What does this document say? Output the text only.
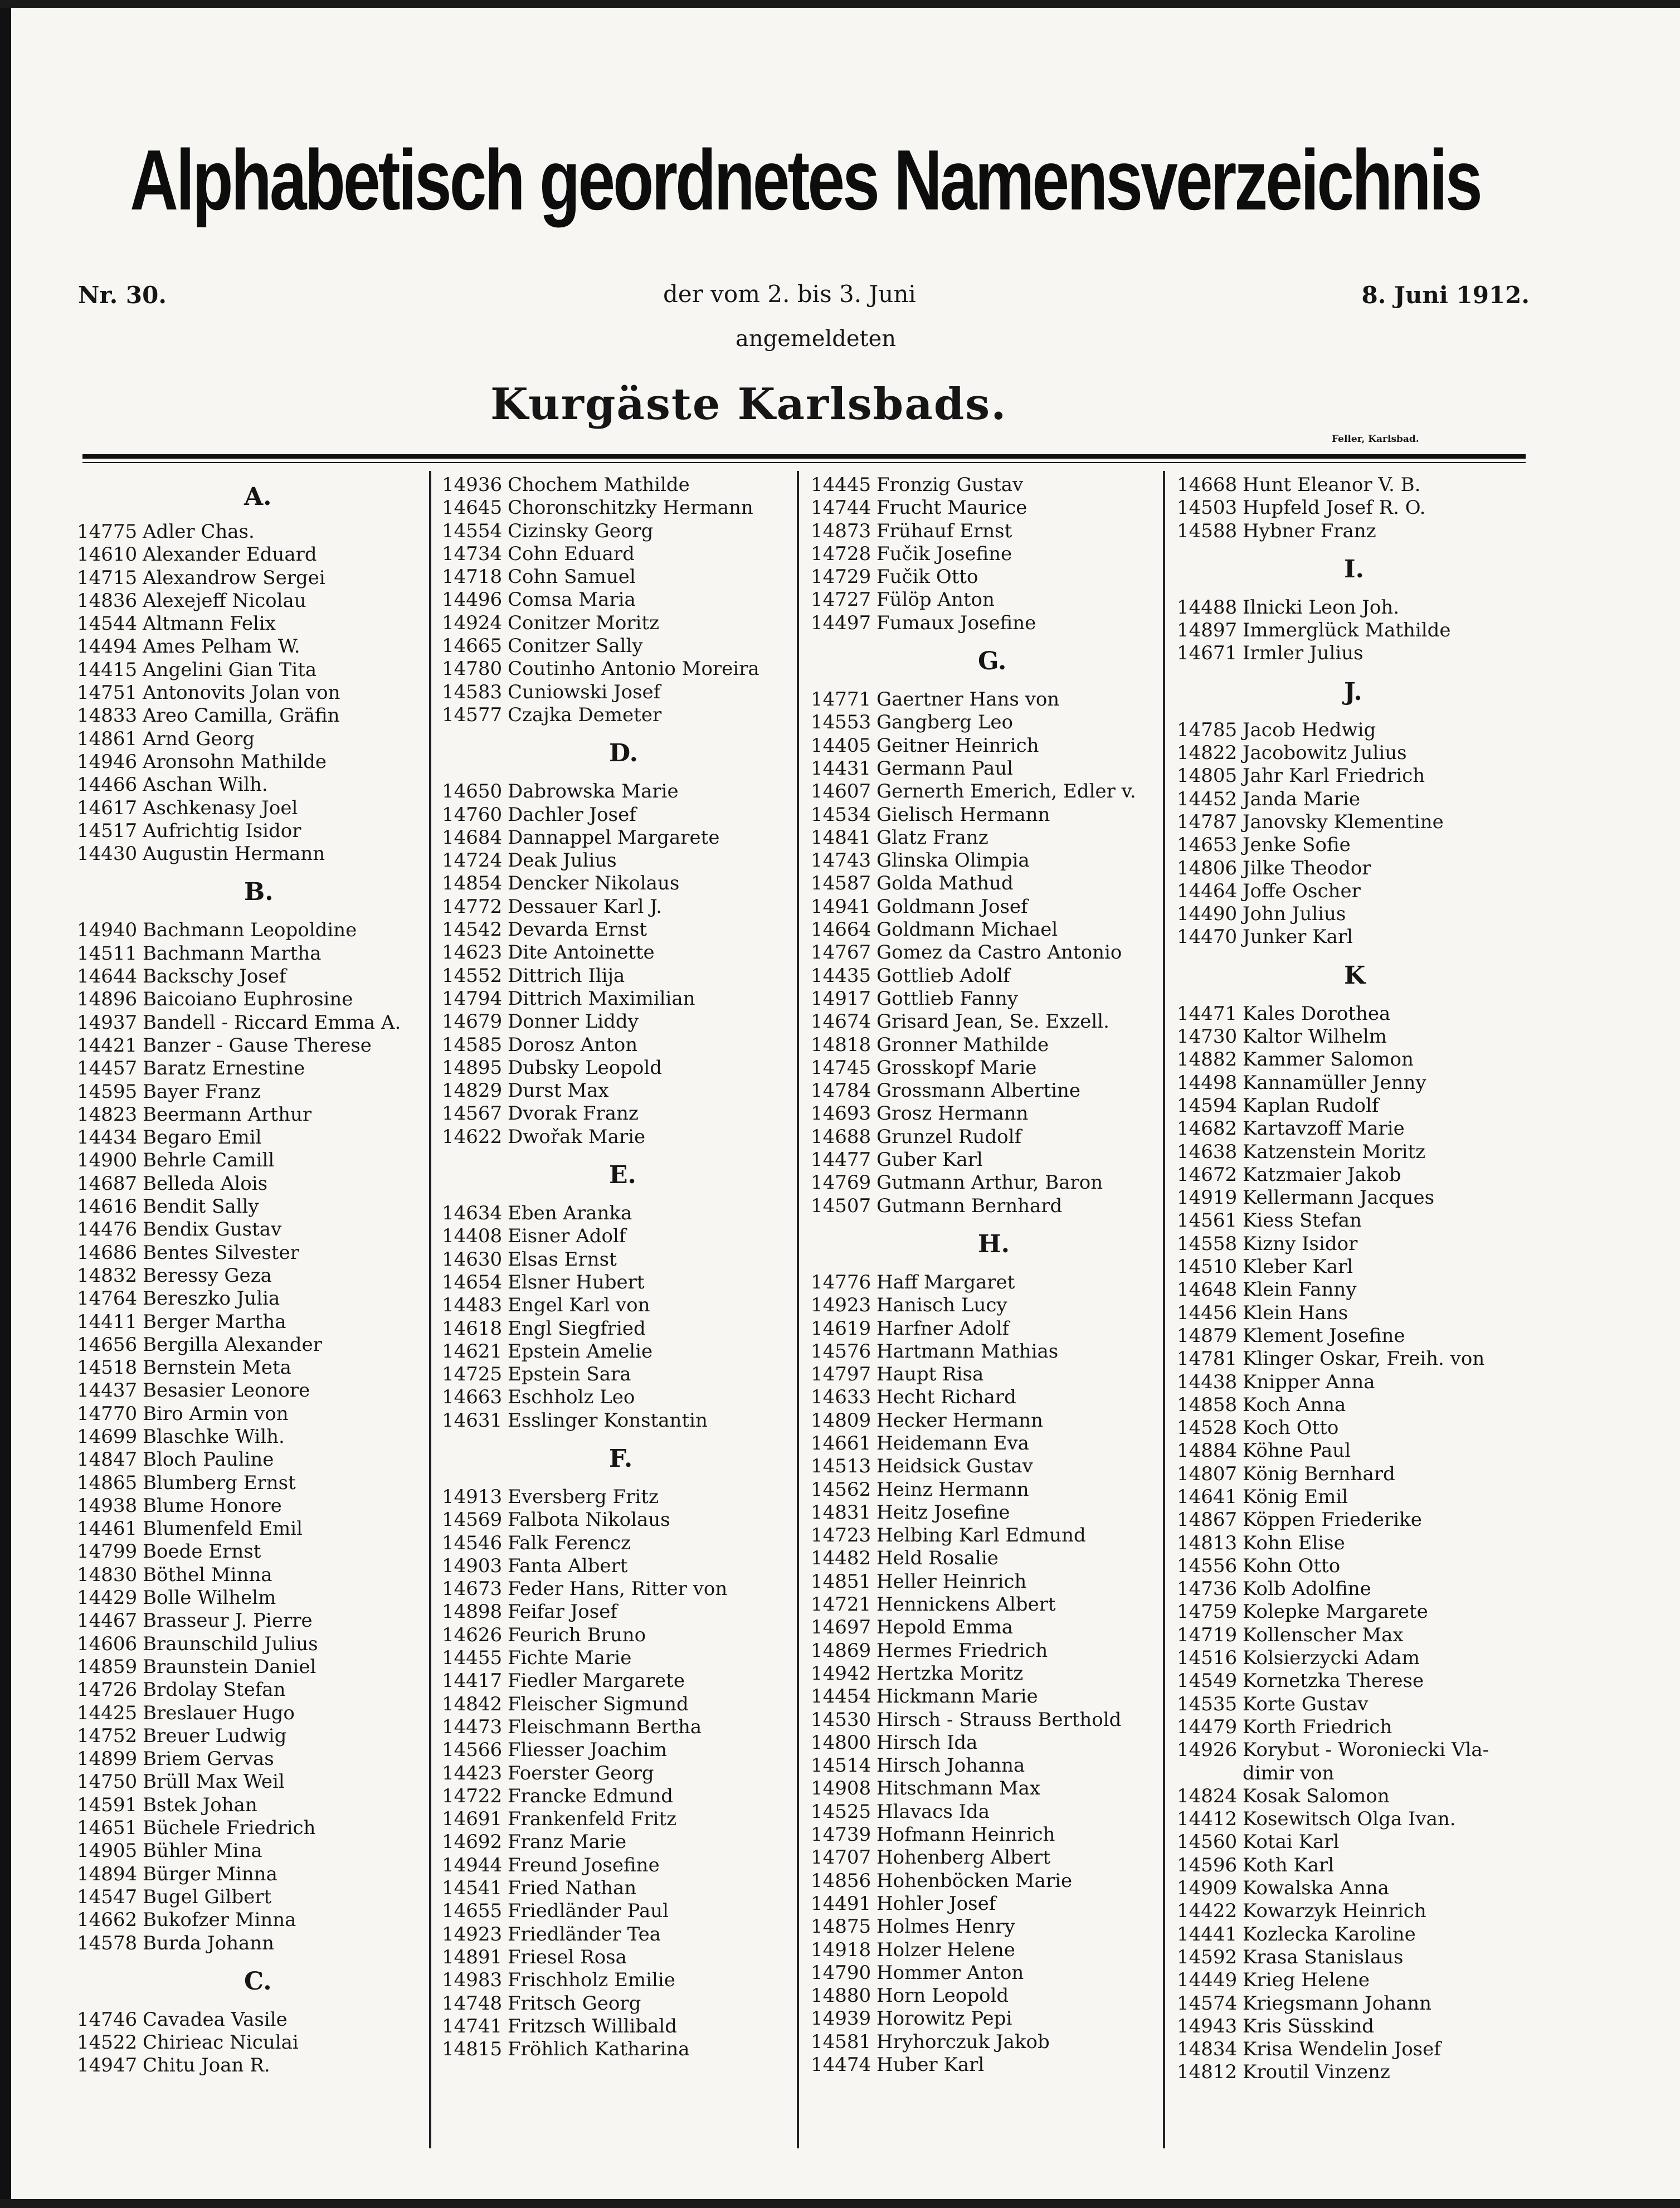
Alphabetisch geordnetes Namensverzeichnis
Nr. 30.	der vom 2. bis 3. Juni	8. Juni 1912.
angemeldeten
Kurgäste Karlsbads.
Feller, Karlsbad.
A.
14775 Adler Chas.
14610 Alexander Eduard
14715 Alexandrow Sergei
14836 Alexejeff Nicolau
14544 Altmann Felix
14494 Ames Pelham W.
14415 Angelini Gian Tita
14751 Antonovits Jolan von
14833 Areo Camilla, Gräfin
14861 Arnd Georg
14946 Aronsohn Mathilde
14466 Aschan Wilh.
14617 Aschkenasy Joel
14517 Aufrichtig Isidor
14430 Augustin Hermann
B.
14940 Bachmann Leopoldine
14511 Bachmann Martha
14644 Backschy Josef
14896 Baicoiano Euphrosine
14937 Bandell - Riccard Emma A.
14421 Banzer - Gause Therese
14457 Baratz Ernestine
14595 Bayer Franz
14823 Beermann Arthur
14434 Begaro Emil
14900 Behrle Camill
14687 Belleda Alois
14616 Bendit Sally
14476 Bendix Gustav
14686 Bentes Silvester
14832 Beressy Geza
14764 Bereszko Julia
14411 Berger Martha
14656 Bergilla Alexander
14518 Bernstein Meta
14437 Besasier Leonore
14770 Biro Armin von
14699 Blaschke Wilh.
14847 Bloch Pauline
14865 Blumberg Ernst
14938 Blume Honore
14461 Blumenfeld Emil
14799 Boede Ernst
14830 Böthel Minna
14429 Bolle Wilhelm
14467 Brasseur J. Pierre
14606 Braunschild Julius
14859 Braunstein Daniel
14726 Brdolay Stefan
14425 Breslauer Hugo
14752 Breuer Ludwig
14899 Briem Gervas
14750 Brüll Max Weil
14591 Bstek Johan
14651 Büchele Friedrich
14905 Bühler Mina
14894 Bürger Minna
14547 Bugel Gilbert
14662 Bukofzer Minna
14578 Burda Johann
C.
14746 Cavadea Vasile
14522 Chirieac Niculai
14947 Chitu Joan R.
14936 Chochem Mathilde
14645 Choronschitzky Hermann
14554 Cizinsky Georg
14734 Cohn Eduard
14718 Cohn Samuel
14496 Comsa Maria
14924 Conitzer Moritz
14665 Conitzer Sally
14780 Coutinho Antonio Moreira
14583 Cuniowski Josef
14577 Czajka Demeter
D.
14650 Dabrowska Marie
14760 Dachler Josef
14684 Dannappel Margarete
14724 Deak Julius
14854 Dencker Nikolaus
14772 Dessauer Karl J.
14542 Devarda Ernst
14623 Dite Antoinette
14552 Dittrich Ilija
14794 Dittrich Maximilian
14679 Donner Liddy
14585 Dorosz Anton
14895 Dubsky Leopold
14829 Durst Max
14567 Dvorak Franz
14622 Dwořak Marie
E.
14634 Eben Aranka
14408 Eisner Adolf
14630 Elsas Ernst
14654 Elsner Hubert
14483 Engel Karl von
14618 Engl Siegfried
14621 Epstein Amelie
14725 Epstein Sara
14663 Eschholz Leo
14631 Esslinger Konstantin
F.
14913 Eversberg Fritz
14569 Falbota Nikolaus
14546 Falk Ferencz
14903 Fanta Albert
14673 Feder Hans, Ritter von
14898 Feifar Josef
14626 Feurich Bruno
14455 Fichte Marie
14417 Fiedler Margarete
14842 Fleischer Sigmund
14473 Fleischmann Bertha
14566 Fliesser Joachim
14423 Foerster Georg
14722 Francke Edmund
14691 Frankenfeld Fritz
14692 Franz Marie
14944 Freund Josefine
14541 Fried Nathan
14655 Friedländer Paul
14923 Friedländer Tea
14891 Friesel Rosa
14983 Frischholz Emilie
14748 Fritsch Georg
14741 Fritzsch Willibald
14815 Fröhlich Katharina
14445 Fronzig Gustav
14744 Frucht Maurice
14873 Frühauf Ernst
14728 Fučik Josefine
14729 Fučik Otto
14727 Fülöp Anton
14497 Fumaux Josefine
G.
14771 Gaertner Hans von
14553 Gangberg Leo
14405 Geitner Heinrich
14431 Germann Paul
14607 Gernerth Emerich, Edler v.
14534 Gielisch Hermann
14841 Glatz Franz
14743 Glinska Olimpia
14587 Golda Mathud
14941 Goldmann Josef
14664 Goldmann Michael
14767 Gomez da Castro Antonio
14435 Gottlieb Adolf
14917 Gottlieb Fanny
14674 Grisard Jean, Se. Exzell.
14818 Gronner Mathilde
14745 Grosskopf Marie
14784 Grossmann Albertine
14693 Grosz Hermann
14688 Grunzel Rudolf
14477 Guber Karl
14769 Gutmann Arthur, Baron
14507 Gutmann Bernhard
H.
14776 Haff Margaret
14923 Hanisch Lucy
14619 Harfner Adolf
14576 Hartmann Mathias
14797 Haupt Risa
14633 Hecht Richard
14809 Hecker Hermann
14661 Heidemann Eva
14513 Heidsick Gustav
14562 Heinz Hermann
14831 Heitz Josefine
14723 Helbing Karl Edmund
14482 Held Rosalie
14851 Heller Heinrich
14721 Hennickens Albert
14697 Hepold Emma
14869 Hermes Friedrich
14942 Hertzka Moritz
14454 Hickmann Marie
14530 Hirsch - Strauss Berthold
14800 Hirsch Ida
14514 Hirsch Johanna
14908 Hitschmann Max
14525 Hlavacs Ida
14739 Hofmann Heinrich
14707 Hohenberg Albert
14856 Hohenböcken Marie
14491 Hohler Josef
14875 Holmes Henry
14918 Holzer Helene
14790 Hommer Anton
14880 Horn Leopold
14939 Horowitz Pepi
14581 Hryhorczuk Jakob
14474 Huber Karl
14668 Hunt Eleanor V. B.
14503 Hupfeld Josef R. O.
14588 Hybner Franz
I.
14488 Ilnicki Leon Joh.
14897 Immerglück Mathilde
14671 Irmler Julius
J.
14785 Jacob Hedwig
14822 Jacobowitz Julius
14805 Jahr Karl Friedrich
14452 Janda Marie
14787 Janovsky Klementine
14653 Jenke Sofie
14806 Jilke Theodor
14464 Joffe Oscher
14490 John Julius
14470 Junker Karl
K
14471 Kales Dorothea
14730 Kaltor Wilhelm
14882 Kammer Salomon
14498 Kannamüller Jenny
14594 Kaplan Rudolf
14682 Kartavzoff Marie
14638 Katzenstein Moritz
14672 Katzmaier Jakob
14919 Kellermann Jacques
14561 Kiess Stefan
14558 Kizny Isidor
14510 Kleber Karl
14648 Klein Fanny
14456 Klein Hans
14879 Klement Josefine
14781 Klinger Oskar, Freih. von
14438 Knipper Anna
14858 Koch Anna
14528 Koch Otto
14884 Köhne Paul
14807 König Bernhard
14641 König Emil
14867 Köppen Friederike
14813 Kohn Elise
14556 Kohn Otto
14736 Kolb Adolfine
14759 Kolepke Margarete
14719 Kollenscher Max
14516 Kolsierzycki Adam
14549 Kornetzka Therese
14535 Korte Gustav
14479 Korth Friedrich
14926 Korybut - Woroniecki Vla-
dimir von
14824 Kosak Salomon
14412 Kosewitsch Olga Ivan.
14560 Kotai Karl
14596 Koth Karl
14909 Kowalska Anna
14422 Kowarzyk Heinrich
14441 Kozlecka Karoline
14592 Krasa Stanislaus
14449 Krieg Helene
14574 Kriegsmann Johann
14943 Kris Süsskind
14834 Krisa Wendelin Josef
14812 Kroutil Vinzenz
